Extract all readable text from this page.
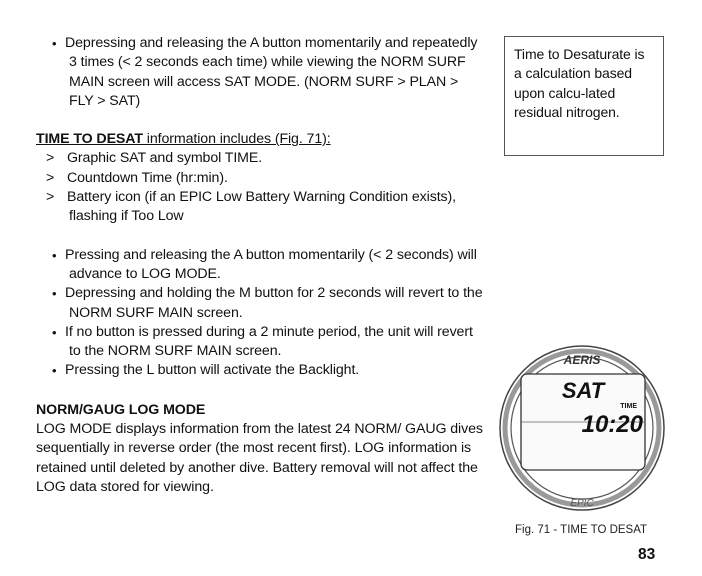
• Depressing and releasing the A button momentarily and repeatedly 3 times (< 2 seconds each time) while viewing the NORM SURF MAIN screen will access SAT MODE. (NORM SURF > PLAN > FLY > SAT)
TIME TO DESAT information includes (Fig. 71):
> Graphic SAT and symbol TIME.
> Countdown Time (hr:min).
> Battery icon (if an EPIC Low Battery Warning Condition exists), flashing if Too Low
• Pressing and releasing the A button momentarily (< 2 seconds) will advance to LOG MODE.
• Depressing and holding the M button for 2 seconds will revert to the NORM SURF MAIN screen.
• If no button is pressed during a 2 minute period, the unit will revert to the NORM SURF MAIN screen.
• Pressing the L button will activate the Backlight.
NORM/GAUG LOG MODE

LOG MODE displays information from the latest 24 NORM/ GAUG dives sequentially in reverse order (the most recent first). LOG information is retained until deleted by another dive. Battery removal will not affect the LOG data stored for viewing.

Time to Desaturate is a calculation based upon calcu-lated residual nitrogen.
AERIS
SAT
TIME
10:20
EPIC
Fig. 71 - TIME TO DESAT
83
